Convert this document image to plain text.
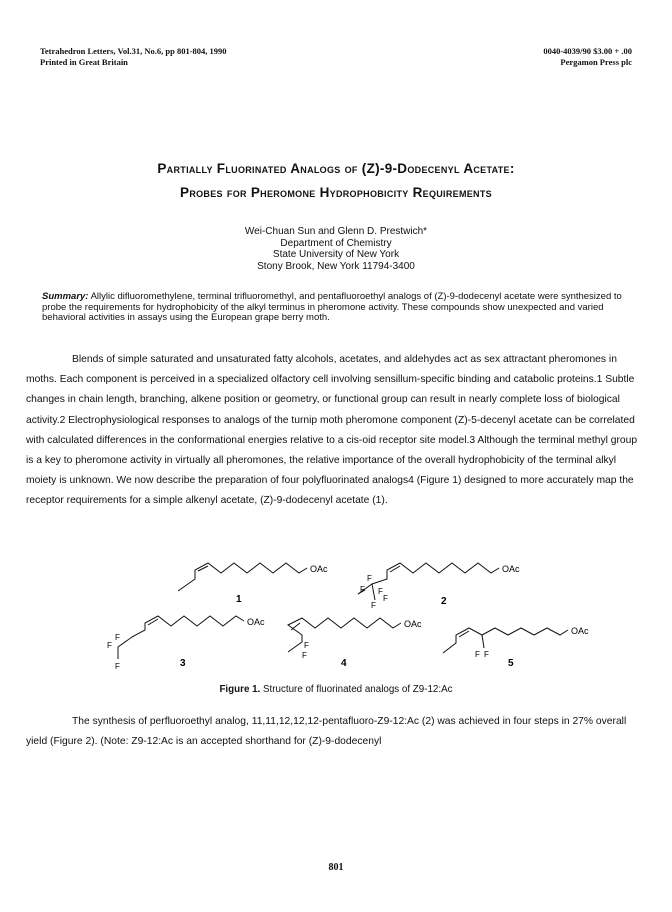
Tetrahedron Letters, Vol.31, No.6, pp 801-804, 1990
Printed in Great Britain
0040-4039/90 $3.00 + .00
Pergamon Press plc
Partially Fluorinated Analogs of (Z)-9-Dodecenyl Acetate:
Probes for Pheromone Hydrophobicity Requirements
Wei-Chuan Sun and Glenn D. Prestwich*
Department of Chemistry
State University of New York
Stony Brook, New York 11794-3400
Summary: Allylic difluoromethylene, terminal trifluoromethyl, and pentafluoroethyl analogs of (Z)-9-dodecenyl acetate were synthesized to probe the requirements for hydrophobicity of the alkyl terminus in pheromone activity. These compounds show unexpected and varied behavioral activities in assays using the European grape berry moth.

Blends of simple saturated and unsaturated fatty alcohols, acetates, and aldehydes act as sex attractant pheromones in moths. Each component is perceived in a specialized olfactory cell involving sensillum-specific binding and catabolic proteins.1 Subtle changes in chain length, branching, alkene position or geometry, or functional group can result in nearly complete loss of biological activity.2 Electrophysiological responses to analogs of the turnip moth pheromone component (Z)-5-decenyl acetate can be correlated with calculated differences in the conformational energies relative to a cis-oid receptor site model.3 Although the terminal methyl group is a key to pheromone activity in virtually all pheromones, the relative importance of the overall hydrophobicity of the terminal alkyl moiety is unknown. We now describe the preparation of four polyfluorinated analogs4 (Figure 1) designed to more accurately map the receptor requirements for a simple alkenyl acetate, (Z)-9-dodecenyl acetate (1).

OAc	OAc
OAc	OAc
OAc
F
F F
F
F
F
F
F
F
F	F F
1	2
3	4	5
Figure 1. Structure of fluorinated analogs of Z9-12:Ac

The synthesis of perfluoroethyl analog, 11,11,12,12,12-pentafluoro-Z9-12:Ac (2) was achieved in four steps in 27% overall yield (Figure 2). (Note: Z9-12:Ac is an accepted shorthand for (Z)-9-dodecenyl

801
